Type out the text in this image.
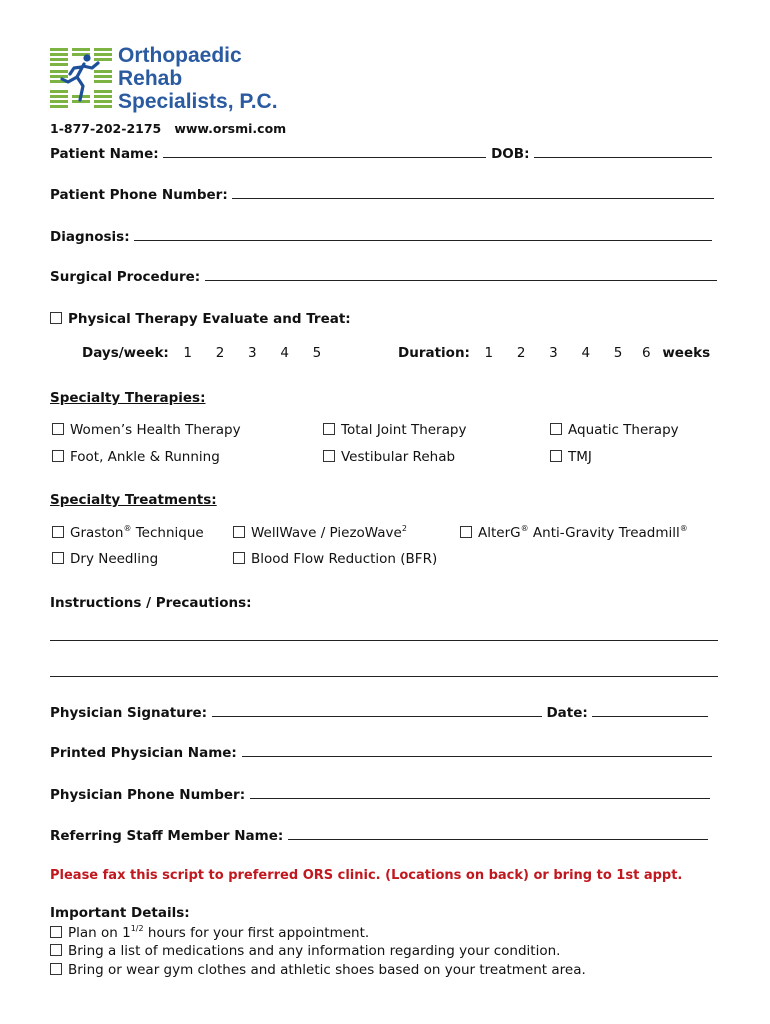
Orthopaedic
Rehab
Specialists, P.C.
1-877-202-2175 www.orsmi.com
Patient Name:	DOB:
Patient Phone Number:
Diagnosis:
Surgical Procedure:
Physical Therapy Evaluate and Treat:
Days/week: 1 2 3 4 5	Duration: 1 2 3 4 5 6 weeks
Specialty Therapies:
Women’s Health Therapy	Total Joint Therapy	Aquatic Therapy
Foot, Ankle & Running	Vestibular Rehab	TMJ
Specialty Treatments:
Graston® Technique	WellWave / PiezoWave$^2$	AlterG® Anti-Gravity Treadmill®
Dry Needling	Blood Flow Reduction (BFR)
Instructions / Precautions:
Physician Signature:	Date:
Printed Physician Name:
Physician Phone Number:
Referring Staff Member Name:
Please fax this script to preferred ORS clinic. (Locations on back) or bring to 1st appt.
Important Details:
Plan on $1^{1/2}$ hours for your first appointment.
Bring a list of medications and any information regarding your condition.
Bring or wear gym clothes and athletic shoes based on your treatment area.
